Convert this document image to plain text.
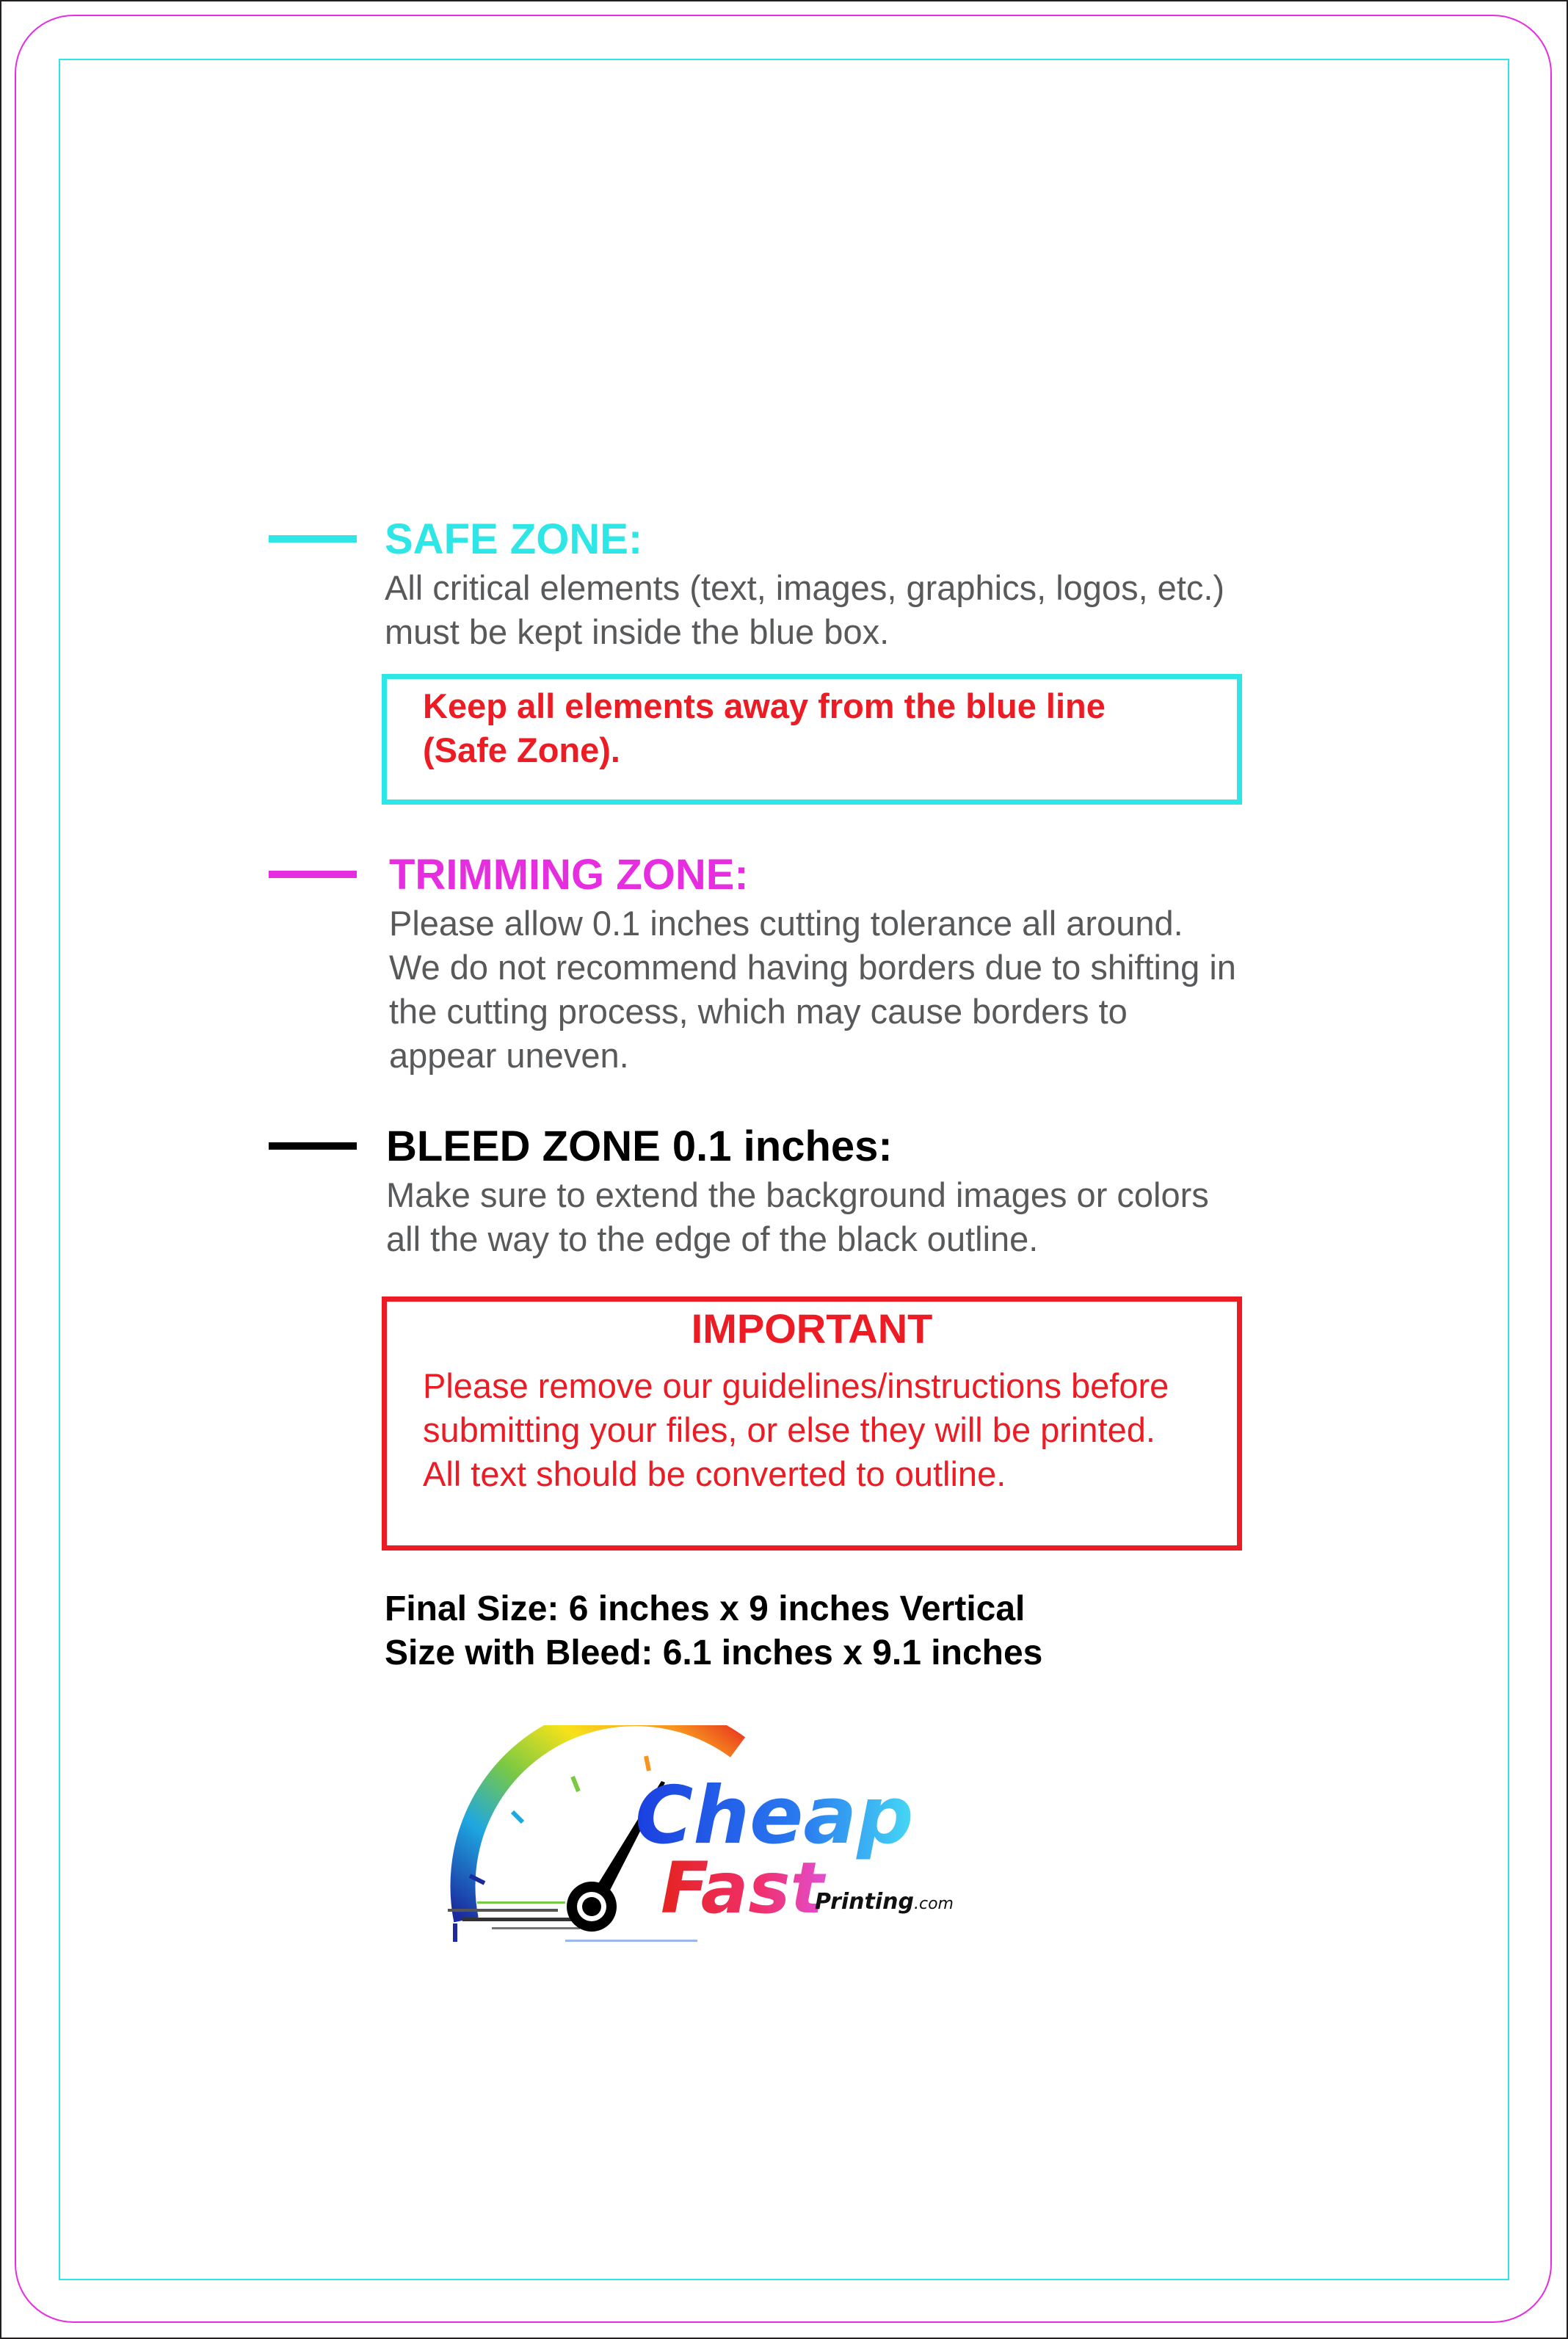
SAFE ZONE:
All critical elements (text, images, graphics, logos, etc.)
must be kept inside the blue box.
Keep all elements away from the blue line
(Safe Zone).
TRIMMING ZONE:
Please allow 0.1 inches cutting tolerance all around.
We do not recommend having borders due to shifting in
the cutting process, which may cause borders to
appear uneven.
BLEED ZONE 0.1 inches:
Make sure to extend the background images or colors
all the way to the edge of the black outline.
IMPORTANT
Please remove our guidelines/instructions before
submitting your files, or else they will be printed.
All text should be converted to outline.
Final Size: 6 inches x 9 inches Vertical
Size with Bleed: 6.1 inches x 9.1 inches
Cheap
Fast
Printing .com
